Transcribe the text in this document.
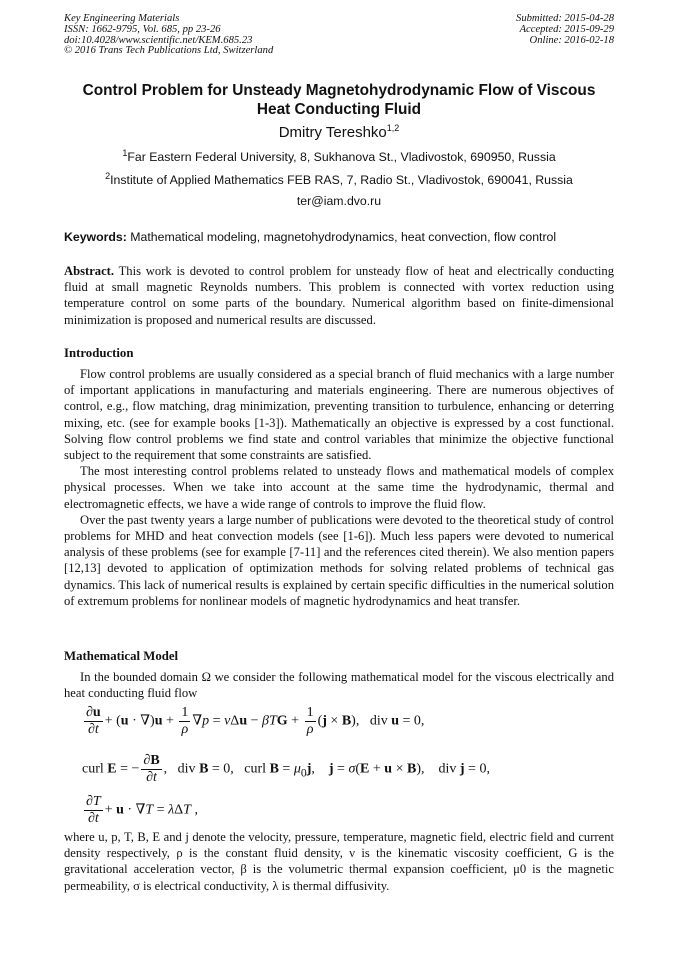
Key Engineering Materials
ISSN: 1662-9795, Vol. 685, pp 23-26
doi:10.4028/www.scientific.net/KEM.685.23
© 2016 Trans Tech Publications Ltd, Switzerland
Submitted: 2015-04-28
Accepted: 2015-09-29
Online: 2016-02-18
Control Problem for Unsteady Magnetohydrodynamic Flow of Viscous
Heat Conducting Fluid
Dmitry Tereshko$^{1,2}$
$^1$Far Eastern Federal University, 8, Sukhanova St., Vladivostok, 690950, Russia
$^2$Institute of Applied Mathematics FEB RAS, 7, Radio St., Vladivostok, 690041, Russia
ter@iam.dvo.ru
Keywords: Mathematical modeling, magnetohydrodynamics, heat convection, flow control
Abstract. This work is devoted to control problem for unsteady flow of heat and electrically conducting fluid at small magnetic Reynolds numbers. This problem is connected with vortex reduction using temperature control on some parts of the boundary. Numerical algorithm based on finite-dimensional minimization is proposed and numerical results are discussed.
Introduction

Flow control problems are usually considered as a special branch of fluid mechanics with a large number of important applications in manufacturing and materials engineering. There are numerous objectives of control, e.g., flow matching, drag minimization, preventing transition to turbulence, enhancing or deterring mixing, etc. (see for example books [1-3]). Mathematically an objective is expressed by a cost functional. Solving flow control problems we find state and control variables that minimize the objective functional subject to the requirement that some constraints are satisfied.

The most interesting control problems related to unsteady flows and mathematical models of complex physical processes. When we take into account at the same time the hydrodynamic, thermal and electromagnetic effects, we have a wide range of controls to improve the fluid flow.

Over the past twenty years a large number of publications were devoted to the theoretical study of control problems for MHD and heat convection models (see [1-6]). Much less papers were devoted to numerical analysis of these problems (see for example [7-11] and the references cited therein). We also mention papers [12,13] devoted to application of optimization methods for solving related problems of technical gas dynamics. This lack of numerical results is explained by certain specific difficulties in the numerical solution of extremum problems for nonlinear models of magnetic hydrodynamics and heat transfer.

Mathematical Model

In the bounded domain Ω we consider the following mathematical model for the viscous electrically and heat conducting fluid flow

$\frac{\partial u}{\partial t} + (u \cdot \nabla)u + \frac{1}{\rho} \nabla p = \nu\Delta u - \beta TG + \frac{1}{\rho} (j \times B)$,   div u = 0,
curl E = − $\frac{\partial B}{\partial t}$ ,   div B = 0,   curl $B = \mu_0j$,    j = σ(E + u × B),    div j = 0,
$\frac{\partial T}{\partial t} + u \cdot \nabla T = \lambda\Delta T$ ,
where u, p, T, B, E and j denote the velocity, pressure, temperature, magnetic field, electric field and current density respectively, ρ is the constant fluid density, ν is the kinematic viscosity coefficient, G is the gravitational acceleration vector, β is the volumetric thermal expansion coefficient, μ0 is the magnetic permeability, σ is electrical conductivity, λ is thermal diffusivity.
